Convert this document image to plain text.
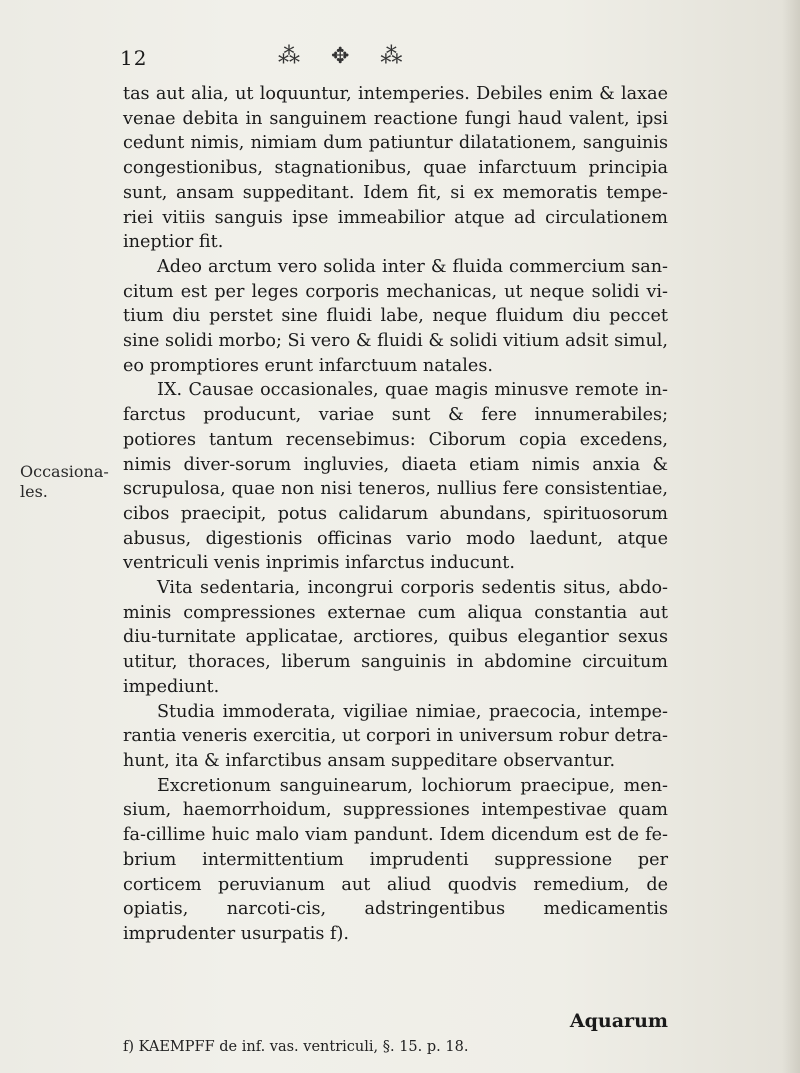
12	⁂ ✥ ⁂
Occasiona-les.

tas aut alia, ut loquuntur, intemperies. Debiles enim & laxae venae debita in sanguinem reactione fungi haud valent, ipsi cedunt nimis, nimiam dum patiuntur dilatationem, sanguinis congestionibus, stagnationibus, quae infarctuum principia sunt, ansam suppeditant. Idem fit, si ex memoratis tempe-riei vitiis sanguis ipse immeabilior atque ad circulationem ineptior fit.

Adeo arctum vero solida inter & fluida commercium san-citum est per leges corporis mechanicas, ut neque solidi vi-tium diu perstet sine fluidi labe, neque fluidum diu peccet sine solidi morbo; Si vero & fluidi & solidi vitium adsit simul, eo promptiores erunt infarctuum natales.

IX. Causae occasionales, quae magis minusve remote in-farctus producunt, variae sunt & fere innumerabiles; potiores tantum recensebimus: Ciborum copia excedens, nimis diver-sorum ingluvies, diaeta etiam nimis anxia & scrupulosa, quae non nisi teneros, nullius fere consistentiae, cibos praecipit, potus calidarum abundans, spirituosorum abusus, digestionis officinas vario modo laedunt, atque ventriculi venis inprimis infarctus inducunt.

Vita sedentaria, incongrui corporis sedentis situs, abdo-minis compressiones externae cum aliqua constantia aut diu-turnitate applicatae, arctiores, quibus elegantior sexus utitur, thoraces, liberum sanguinis in abdomine circuitum impediunt.

Studia immoderata, vigiliae nimiae, praecocia, intempe-rantia veneris exercitia, ut corpori in universum robur detra-hunt, ita & infarctibus ansam suppeditare observantur.

Excretionum sanguinearum, lochiorum praecipue, men-sium, haemorrhoidum, suppressiones intempestivae quam fa-cillime huic malo viam pandunt. Idem dicendum est de fe-brium intermittentium imprudenti suppressione per corticem peruvianum aut aliud quodvis remedium, de opiatis, narcoti-cis, adstringentibus medicamentis imprudenter usurpatis f).

Aquarum
f) KAEMPFF de inf. vas. ventriculi, §. 15. p. 18.
